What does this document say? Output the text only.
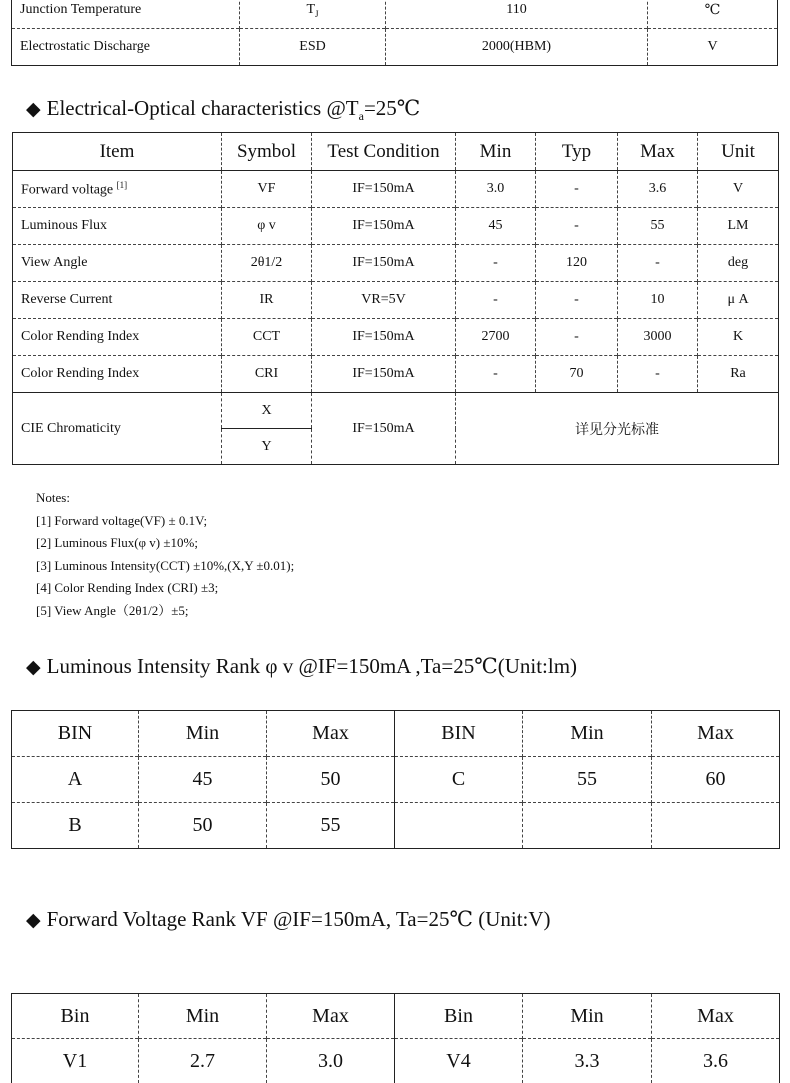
Junction Temperature	$T_J$	110	℃
Electrostatic Discharge	ESD	2000(HBM)	V
◆ Electrical-Optical characteristics $@T_a=25℃$
Item	Symbol	Test Condition	Min	Typ	Max	Unit
Forward voltage [1]	VF	IF=150mA	3.0	-	3.6	V
Luminous Flux	φ v	IF=150mA	45	-	55	LM
View Angle	2θ1/2	IF=150mA	-	120	-	deg
Reverse Current	IR	VR=5V	-	-	10	μ A
Color Rending Index	CCT	IF=150mA	2700	-	3000	K
Color Rending Index	CRI	IF=150mA	-	70	-	Ra
CIE Chromaticity	X	IF=150mA	详见分光标准			
	Y					
Notes:
[1] Forward voltage(VF) ± 0.1V;
[2] Luminous Flux(φ v) ±10%;
[3] Luminous Intensity(CCT) ±10%,(X,Y ±0.01);
[4] Color Rending Index (CRI) ±3;
[5] View Angle（2θ1/2）±5;
◆ Luminous Intensity Rank φ v @IF=150mA ,Ta=25℃(Unit:lm)
BIN	Min	Max	BIN	Min	Max
A	45	50	C	55	60
B	50	55			
◆ Forward Voltage Rank VF @IF=150mA, Ta=25℃ (Unit:V)
Bin	Min	Max	Bin	Min	Max
V1	2.7	3.0	V4	3.3	3.6
